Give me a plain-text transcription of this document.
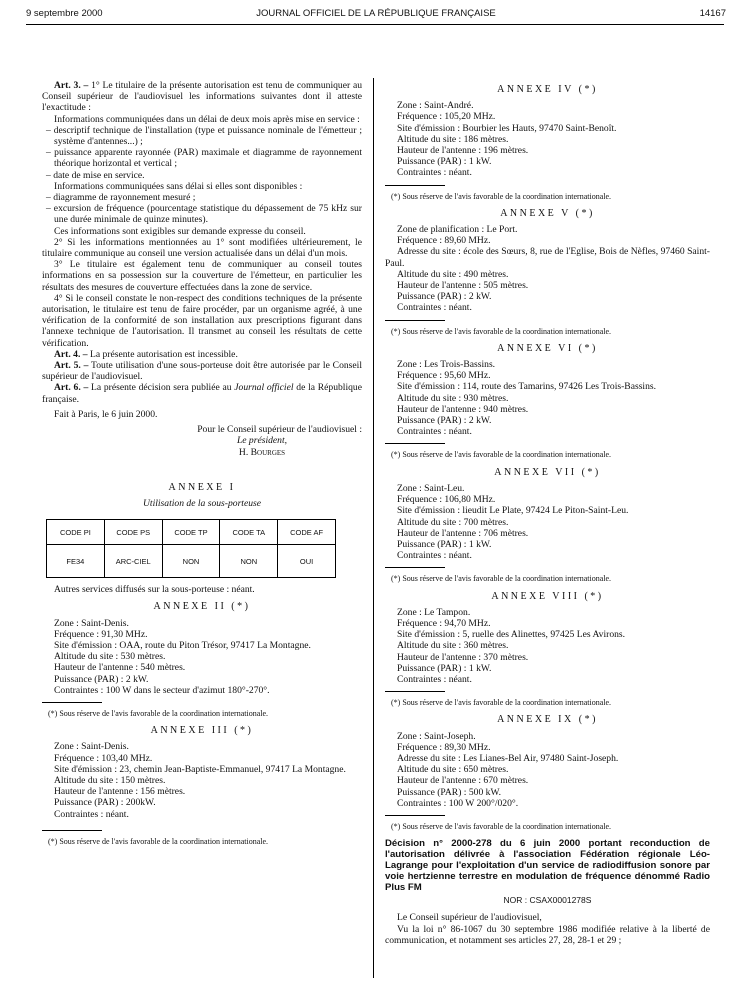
9 septembre 2000	JOURNAL OFFICIEL DE LA RÉPUBLIQUE FRANÇAISE	14167

Art. 3. – 1° Le titulaire de la présente autorisation est tenu de communiquer au Conseil supérieur de l'audiovisuel les informations suivantes dont il atteste l'exactitude :

Informations communiquées dans un délai de deux mois après mise en service :

– descriptif technique de l'installation (type et puissance nominale de l'émetteur ; système d'antennes...) ;

– puissance apparente rayonnée (PAR) maximale et diagramme de rayonnement théorique horizontal et vertical ;

– date de mise en service.

Informations communiquées sans délai si elles sont disponibles :

– diagramme de rayonnement mesuré ;

– excursion de fréquence (pourcentage statistique du dépassement de 75 kHz sur une durée minimale de quinze minutes).

Ces informations sont exigibles sur demande expresse du conseil.

2° Si les informations mentionnées au 1° sont modifiées ultérieurement, le titulaire communique au conseil une version actualisée dans un délai d'un mois.

3° Le titulaire est également tenu de communiquer au conseil toutes informations en sa possession sur la couverture de l'émetteur, en particulier les résultats des mesures de couverture effectuées dans la zone de service.

4° Si le conseil constate le non-respect des conditions techniques de la présente autorisation, le titulaire est tenu de faire procéder, par un organisme agréé, à une vérification de la conformité de son installation aux prescriptions figurant dans l'annexe technique de l'autorisation. Il transmet au conseil les résultats de cette vérification.

Art. 4. – La présente autorisation est incessible.

Art. 5. – Toute utilisation d'une sous-porteuse doit être autorisée par le Conseil supérieur de l'audiovisuel.

Art. 6. – La présente décision sera publiée au Journal officiel de la République française.

Fait à Paris, le 6 juin 2000.

Pour le Conseil supérieur de l'audiovisuel :

Le président,

H. Bourges

ANNEXE I
Utilisation de la sous-porteuse
CODE PI	CODE PS	CODE TP	CODE TA	CODE AF
FE34	ARC-CIEL	NON	NON	OUI

Autres services diffusés sur la sous-porteuse : néant.

ANNEXE II (*)

Zone : Saint-Denis.

Fréquence : 91,30 MHz.

Site d'émission : OAA, route du Piton Trésor, 97417 La Montagne.

Altitude du site : 530 mètres.

Hauteur de l'antenne : 540 mètres.

Puissance (PAR) : 2 kW.

Contraintes : 100 W dans le secteur d'azimut 180°-270°.

(*) Sous réserve de l'avis favorable de la coordination internationale.

ANNEXE III (*)

Zone : Saint-Denis.

Fréquence : 103,40 MHz.

Site d'émission : 23, chemin Jean-Baptiste-Emmanuel, 97417 La Montagne.

Altitude du site : 150 mètres.

Hauteur de l'antenne : 156 mètres.

Puissance (PAR) : 200kW.

Contraintes : néant.

(*) Sous réserve de l'avis favorable de la coordination internationale.

ANNEXE IV (*)

Zone : Saint-André.

Fréquence : 105,20 MHz.

Site d'émission : Bourbier les Hauts, 97470 Saint-Benoît.

Altitude du site : 186 mètres.

Hauteur de l'antenne : 196 mètres.

Puissance (PAR) : 1 kW.

Contraintes : néant.

(*) Sous réserve de l'avis favorable de la coordination internationale.

ANNEXE V (*)

Zone de planification : Le Port.

Fréquence : 89,60 MHz.

Adresse du site : école des Sœurs, 8, rue de l'Eglise, Bois de Nèfles, 97460 Saint-Paul.

Altitude du site : 490 mètres.

Hauteur de l'antenne : 505 mètres.

Puissance (PAR) : 2 kW.

Contraintes : néant.

(*) Sous réserve de l'avis favorable de la coordination internationale.

ANNEXE VI (*)

Zone : Les Trois-Bassins.

Fréquence : 95,60 MHz.

Site d'émission : 114, route des Tamarins, 97426 Les Trois-Bassins.

Altitude du site : 930 mètres.

Hauteur de l'antenne : 940 mètres.

Puissance (PAR) : 2 kW.

Contraintes : néant.

(*) Sous réserve de l'avis favorable de la coordination internationale.

ANNEXE VII (*)

Zone : Saint-Leu.

Fréquence : 106,80 MHz.

Site d'émission : lieudit Le Plate, 97424 Le Piton-Saint-Leu.

Altitude du site : 700 mètres.

Hauteur de l'antenne : 706 mètres.

Puissance (PAR) : 1 kW.

Contraintes : néant.

(*) Sous réserve de l'avis favorable de la coordination internationale.

ANNEXE VIII (*)

Zone : Le Tampon.

Fréquence : 94,70 MHz.

Site d'émission : 5, ruelle des Alinettes, 97425 Les Avirons.

Altitude du site : 360 mètres.

Hauteur de l'antenne : 370 mètres.

Puissance (PAR) : 1 kW.

Contraintes : néant.

(*) Sous réserve de l'avis favorable de la coordination internationale.

ANNEXE IX (*)

Zone : Saint-Joseph.

Fréquence : 89,30 MHz.

Adresse du site : Les Lianes-Bel Air, 97480 Saint-Joseph.

Altitude du site : 650 mètres.

Hauteur de l'antenne : 670 mètres.

Puissance (PAR) : 500 kW.

Contraintes : 100 W 200°/020°.

(*) Sous réserve de l'avis favorable de la coordination internationale.

Décision n° 2000-278 du 6 juin 2000 portant reconduction de l'autorisation délivrée à l'association Fédération régionale Léo-Lagrange pour l'exploitation d'un service de radiodiffusion sonore par voie hertzienne terrestre en modulation de fréquence dénommé Radio Plus FM

NOR : CSAX0001278S

Le Conseil supérieur de l'audiovisuel,

Vu la loi n° 86-1067 du 30 septembre 1986 modifiée relative à la liberté de communication, et notamment ses articles 27, 28, 28-1 et 29 ;
